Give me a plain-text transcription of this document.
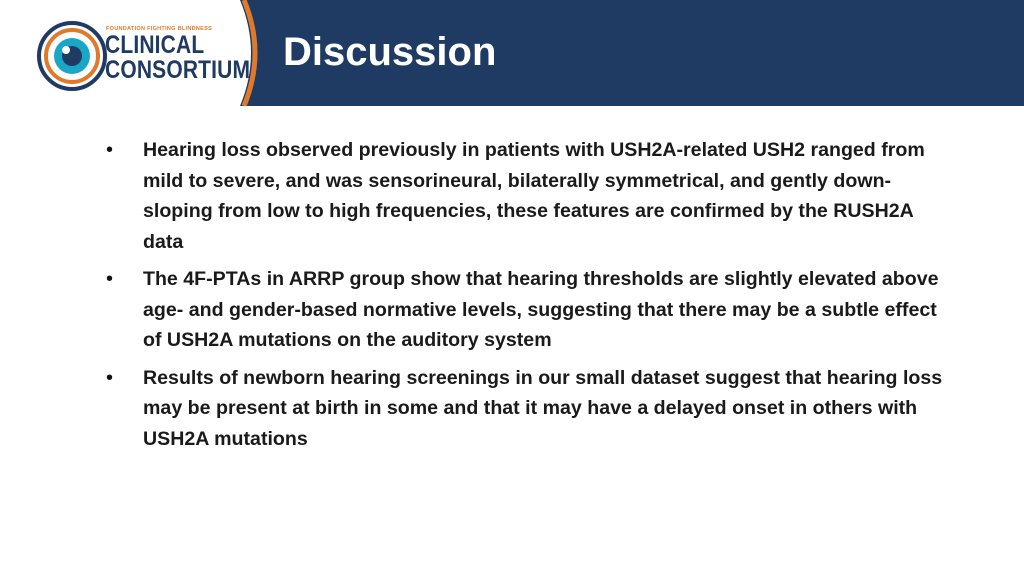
FOUNDATION FIGHTING BLINDNESS
CLINICAL
CONSORTIUM Discussion
• Hearing loss observed previously in patients with USH2A-related USH2 ranged from mild to severe, and was sensorineural, bilaterally symmetrical, and gently down-sloping from low to high frequencies, these features are confirmed by the RUSH2A data
• The 4F-PTAs in ARRP group show that hearing thresholds are slightly elevated above age- and gender-based normative levels, suggesting that there may be a subtle effect of USH2A mutations on the auditory system
• Results of newborn hearing screenings in our small dataset suggest that hearing loss may be present at birth in some and that it may have a delayed onset in others with USH2A mutations
